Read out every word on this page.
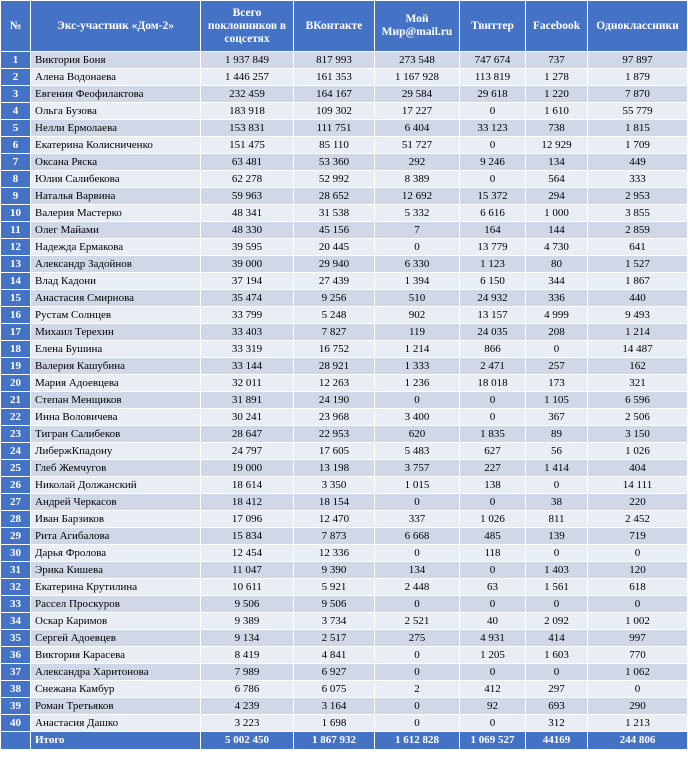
№	Экс-участник «Дом-2»	Всего поклонников в соцсетях	ВКонтакте	Мой Мир@mail.ru	Твиттер	Facebook	Одноклассники
1	Виктория Боня	1 937 849	817 993	273 548	747 674	737	97 897
2	Алена Водонаева	1 446 257	161 353	1 167 928	113 819	1 278	1 879
3	Евгения Феофилактова	232 459	164 167	29 584	29 618	1 220	7 870
4	Ольга Бузова	183 918	109 302	17 227	0	1 610	55 779
5	Нелли Ермолаева	153 831	111 751	6 404	33 123	738	1 815
6	Екатерина Колисниченко	151 475	85 110	51 727	0	12 929	1 709
7	Оксана Ряска	63 481	53 360	292	9 246	134	449
8	Юлия Салибекова	62 278	52 992	8 389	0	564	333
9	Наталья Варвина	59 963	28 652	12 692	15 372	294	2 953
10	Валерия Мастерко	48 341	31 538	5 332	6 616	1 000	3 855
11	Олег Майами	48 330	45 156	7	164	144	2 859
12	Надежда Ермакова	39 595	20 445	0	13 779	4 730	641
13	Александр Задойнов	39 000	29 940	6 330	1 123	80	1 527
14	Влад Кадони	37 194	27 439	1 394	6 150	344	1 867
15	Анастасия Смирнова	35 474	9 256	510	24 932	336	440
16	Рустам Солнцев	33 799	5 248	902	13 157	4 999	9 493
17	Михаил Терехин	33 403	7 827	119	24 035	208	1 214
18	Елена Бушина	33 319	16 752	1 214	866	0	14 487
19	Валерия Кашубина	33 144	28 921	1 333	2 471	257	162
20	Мария Адоевцева	32 011	12 263	1 236	18 018	173	321
21	Степан Менщиков	31 891	24 190	0	0	1 105	6 596
22	Инна Воловичева	30 241	23 968	3 400	0	367	2 506
23	Тигран Салибеков	28 647	22 953	620	1 835	89	3 150
24	ЛибержКпадону	24 797	17 605	5 483	627	56	1 026
25	Глеб Жемчугов	19 000	13 198	3 757	227	1 414	404
26	Николай Должанский	18 614	3 350	1 015	138	0	14 111
27	Андрей Черкасов	18 412	18 154	0	0	38	220
28	Иван Барзиков	17 096	12 470	337	1 026	811	2 452
29	Рита Агибалова	15 834	7 873	6 668	485	139	719
30	Дарья Фролова	12 454	12 336	0	118	0	0
31	Эрика Кишева	11 047	9 390	134	0	1 403	120
32	Екатерина Крутилина	10 611	5 921	2 448	63	1 561	618
33	Рассел Проскуров	9 506	9 506	0	0	0	0
34	Оскар Каримов	9 389	3 734	2 521	40	2 092	1 002
35	Сергей Адоевцев	9 134	2 517	275	4 931	414	997
36	Виктория Карасева	8 419	4 841	0	1 205	1 603	770
37	Александра Харитонова	7 989	6 927	0	0	0	1 062
38	Снежана Камбур	6 786	6 075	2	412	297	0
39	Роман Третьяков	4 239	3 164	0	92	693	290
40	Анастасия Дашко	3 223	1 698	0	0	312	1 213
	Итого	5 002 450	1 867 932	1 612 828	1 069 527	44169	244 806
